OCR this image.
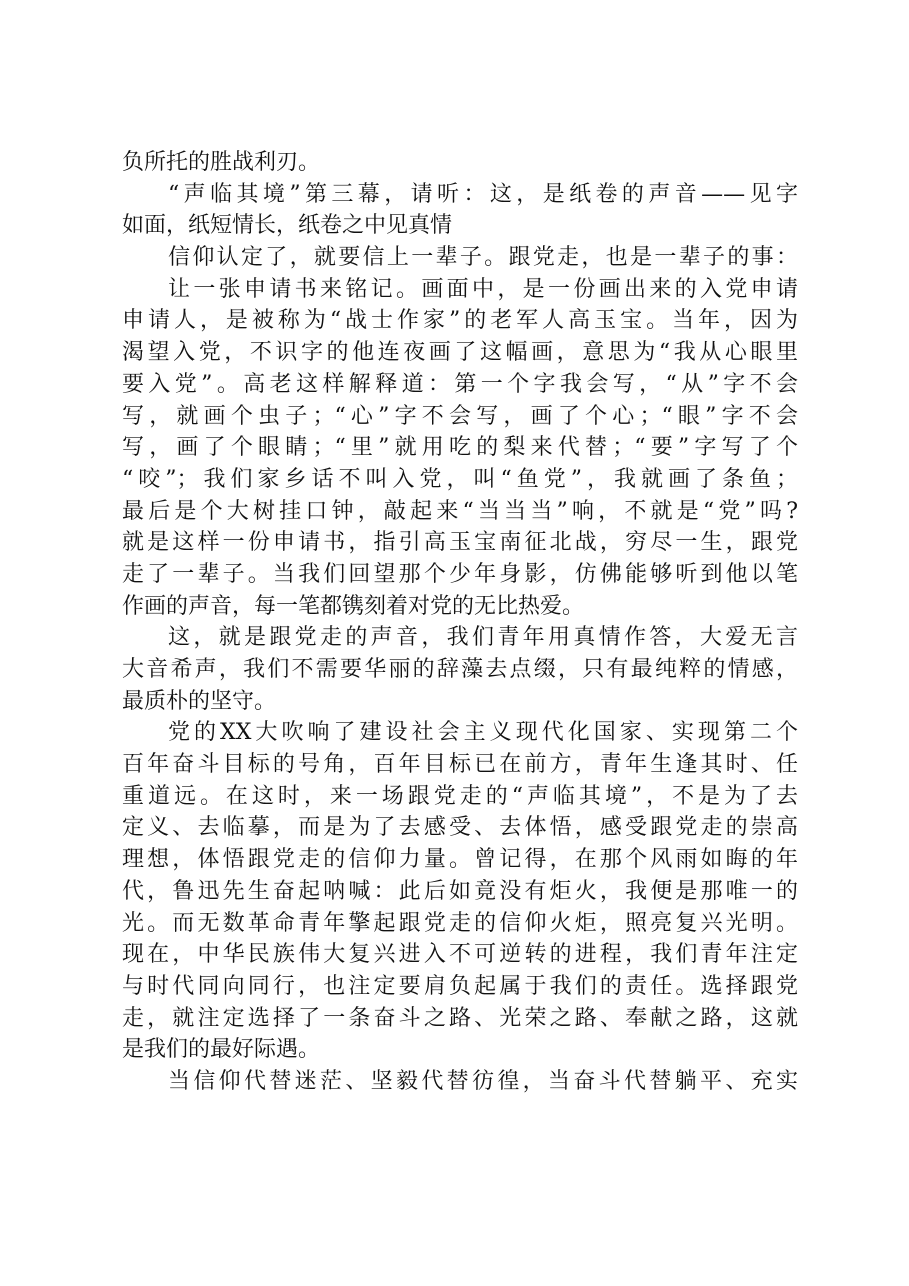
负所托的胜战利刃。
“声临其境”第三幕，请听：这，是纸卷的声音——见字
如面，纸短情长，纸卷之中见真情
信仰认定了，就要信上一辈子。跟党走，也是一辈子的事：
让一张申请书来铭记。画面中，是一份画出来的入党申请
申请人，是被称为“战士作家”的老军人高玉宝。当年，因为
渴望入党，不识字的他连夜画了这幅画，意思为“我从心眼里
要入党”。高老这样解释道：第一个字我会写，“从”字不会
写，就画个虫子；“心”字不会写，画了个心；“眼”字不会
写，画了个眼睛；“里”就用吃的梨来代替；“要”字写了个
“咬”；我们家乡话不叫入党，叫“鱼党”，我就画了条鱼；
最后是个大树挂口钟，敲起来“当当当”响，不就是“党”吗?
就是这样一份申请书，指引高玉宝南征北战，穷尽一生，跟党
走了一辈子。当我们回望那个少年身影，仿佛能够听到他以笔
作画的声音，每一笔都镌刻着对党的无比热爱。
这，就是跟党走的声音，我们青年用真情作答，大爱无言
大音希声，我们不需要华丽的辞藻去点缀，只有最纯粹的情感，
最质朴的坚守。
党的XX大吹响了建设社会主义现代化国家、实现第二个
百年奋斗目标的号角，百年目标已在前方，青年生逢其时、任
重道远。在这时，来一场跟党走的“声临其境”，不是为了去
定义、去临摹，而是为了去感受、去体悟，感受跟党走的崇高
理想，体悟跟党走的信仰力量。曾记得，在那个风雨如晦的年
代，鲁迅先生奋起呐喊：此后如竟没有炬火，我便是那唯一的
光。而无数革命青年擎起跟党走的信仰火炬，照亮复兴光明。
现在，中华民族伟大复兴进入不可逆转的进程，我们青年注定
与时代同向同行，也注定要肩负起属于我们的责任。选择跟党
走，就注定选择了一条奋斗之路、光荣之路、奉献之路，这就
是我们的最好际遇。
当信仰代替迷茫、坚毅代替彷徨，当奋斗代替躺平、充实
